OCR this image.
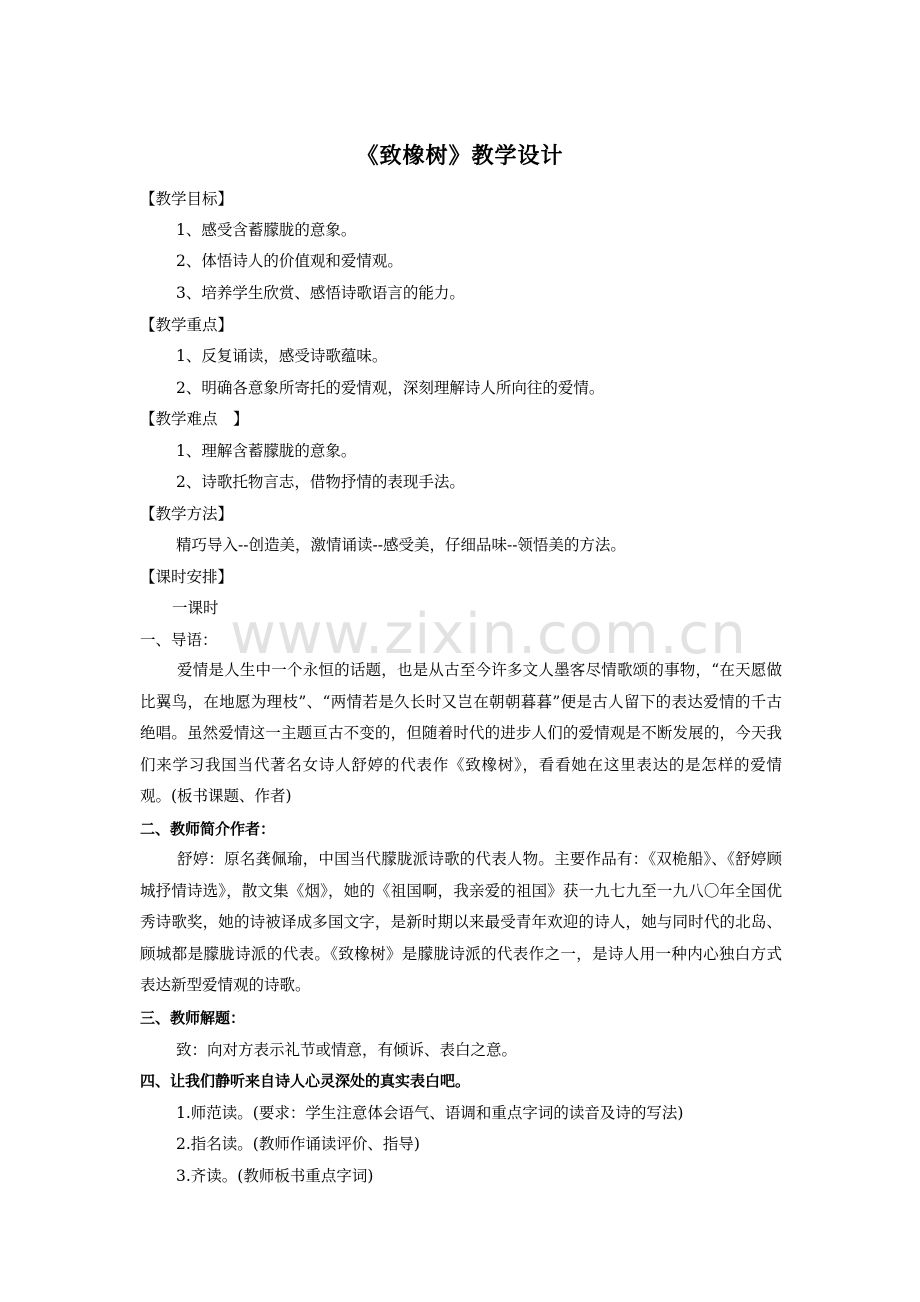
《致橡树》教学设计
【教学目标】
1、感受含蓄朦胧的意象。
2、体悟诗人的价值观和爱情观。
3、培养学生欣赏、感悟诗歌语言的能力。
【教学重点】
1、反复诵读，感受诗歌蕴味。
2、明确各意象所寄托的爱情观，深刻理解诗人所向往的爱情。
【教学难点　】
1、理解含蓄朦胧的意象。
2、诗歌托物言志，借物抒情的表现手法。
【教学方法】
精巧导入--创造美，激情诵读--感受美，仔细品味--领悟美的方法。
【课时安排】
一课时
一、导语：
爱情是人生中一个永恒的话题，也是从古至今许多文人墨客尽情歌颂的事物，“在天愿做比翼鸟，在地愿为理枝”、“两情若是久长时又岂在朝朝暮暮”便是古人留下的表达爱情的千古绝唱。虽然爱情这一主题亘古不变的，但随着时代的进步人们的爱情观是不断发展的，今天我们来学习我国当代著名女诗人舒婷的代表作《致橡树》，看看她在这里表达的是怎样的爱情观。(板书课题、作者)
二、教师简介作者：
舒婷：原名龚佩瑜，中国当代朦胧派诗歌的代表人物。主要作品有：《双桅船》、《舒婷顾城抒情诗选》，散文集《烟》，她的《祖国啊，我亲爱的祖国》获一九七九至一九八〇年全国优秀诗歌奖，她的诗被译成多国文字，是新时期以来最受青年欢迎的诗人，她与同时代的北岛、顾城都是朦胧诗派的代表。《致橡树》是朦胧诗派的代表作之一，是诗人用一种内心独白方式表达新型爱情观的诗歌。
三、教师解题：
致：向对方表示礼节或情意，有倾诉、表白之意。
四、让我们静听来自诗人心灵深处的真实表白吧。
1.师范读。(要求：学生注意体会语气、语调和重点字词的读音及诗的写法)
2.指名读。(教师作诵读评价、指导)
3.齐读。(教师板书重点字词)
www.zixin.com.cn
